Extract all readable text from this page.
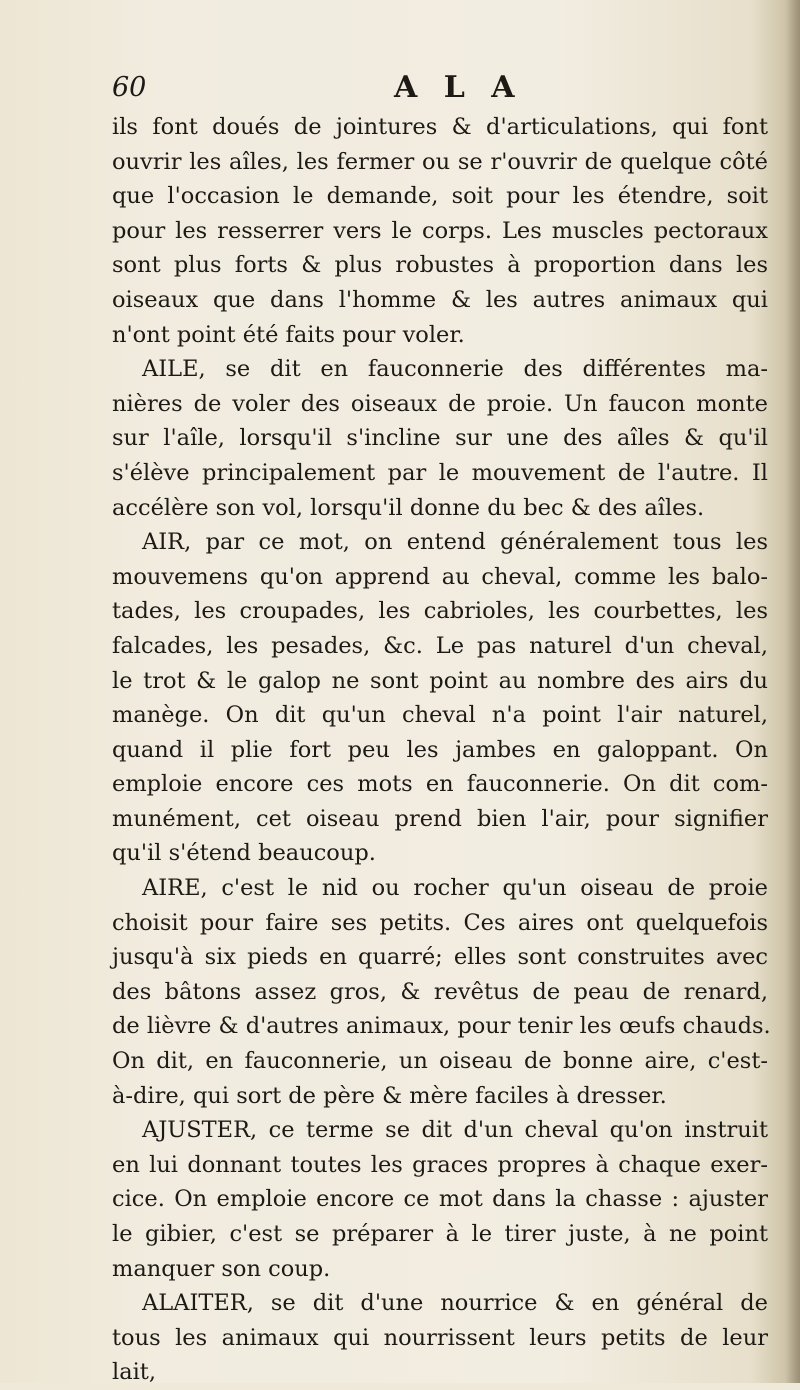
60	A L A
ils font doués de jointures & d'articulations, qui font
ouvrir les aîles, les fermer ou se r'ouvrir de quelque côté
que l'occasion le demande, soit pour les étendre, soit
pour les resserrer vers le corps. Les muscles pectoraux
sont plus forts & plus robustes à proportion dans les
oiseaux que dans l'homme & les autres animaux qui
n'ont point été faits pour voler.
AILE, se dit en fauconnerie des différentes ma-
nières de voler des oiseaux de proie. Un faucon monte
sur l'aîle, lorsqu'il s'incline sur une des aîles & qu'il
s'élève principalement par le mouvement de l'autre. Il
accélère son vol, lorsqu'il donne du bec & des aîles.
AIR, par ce mot, on entend généralement tous les
mouvemens qu'on apprend au cheval, comme les balo-
tades, les croupades, les cabrioles, les courbettes, les
falcades, les pesades, &c. Le pas naturel d'un cheval,
le trot & le galop ne sont point au nombre des airs du
manège. On dit qu'un cheval n'a point l'air naturel,
quand il plie fort peu les jambes en galoppant. On
emploie encore ces mots en fauconnerie. On dit com-
munément, cet oiseau prend bien l'air, pour signifier
qu'il s'étend beaucoup.
AIRE, c'est le nid ou rocher qu'un oiseau de proie
choisit pour faire ses petits. Ces aires ont quelquefois
jusqu'à six pieds en quarré; elles sont construites avec
des bâtons assez gros, & revêtus de peau de renard,
de lièvre & d'autres animaux, pour tenir les œufs chauds.
On dit, en fauconnerie, un oiseau de bonne aire, c'est-
à-dire, qui sort de père & mère faciles à dresser.
AJUSTER, ce terme se dit d'un cheval qu'on instruit
en lui donnant toutes les graces propres à chaque exer-
cice. On emploie encore ce mot dans la chasse : ajuster
le gibier, c'est se préparer à le tirer juste, à ne point
manquer son coup.
ALAITER, se dit d'une nourrice & en général de
tous les animaux qui nourrissent leurs petits de leur
lait,
